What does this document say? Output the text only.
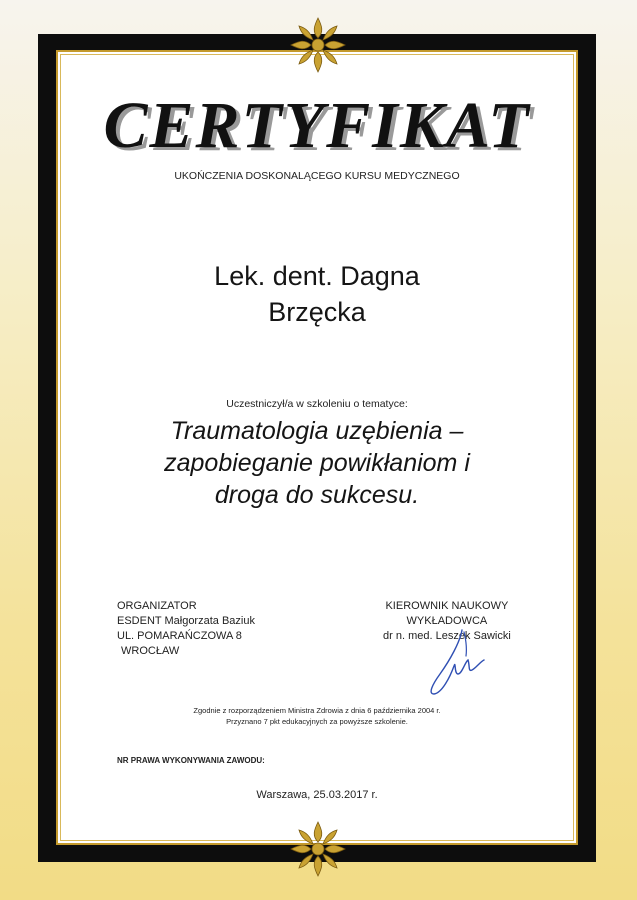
CERTYFIKAT
UKOŃCZENIA DOSKONALĄCEGO KURSU MEDYCZNEGO
Lek. dent. Dagna
Brzęcka
Uczestniczył/a w szkoleniu o tematyce:
Traumatologia uzębienia –
zapobieganie powikłaniom i
droga do sukcesu.
ORGANIZATOR
ESDENT Małgorzata Baziuk
UL. POMARAŃCZOWA 8
WROCŁAW
KIEROWNIK NAUKOWY
WYKŁADOWCA
dr n. med. Leszek Sawicki
Zgodnie z rozporządzeniem Ministra Zdrowia z dnia 6 października 2004 r.
Przyznano 7 pkt edukacyjnych za powyższe szkolenie.
NR PRAWA WYKONYWANIA ZAWODU:
Warszawa, 25.03.2017 r.
